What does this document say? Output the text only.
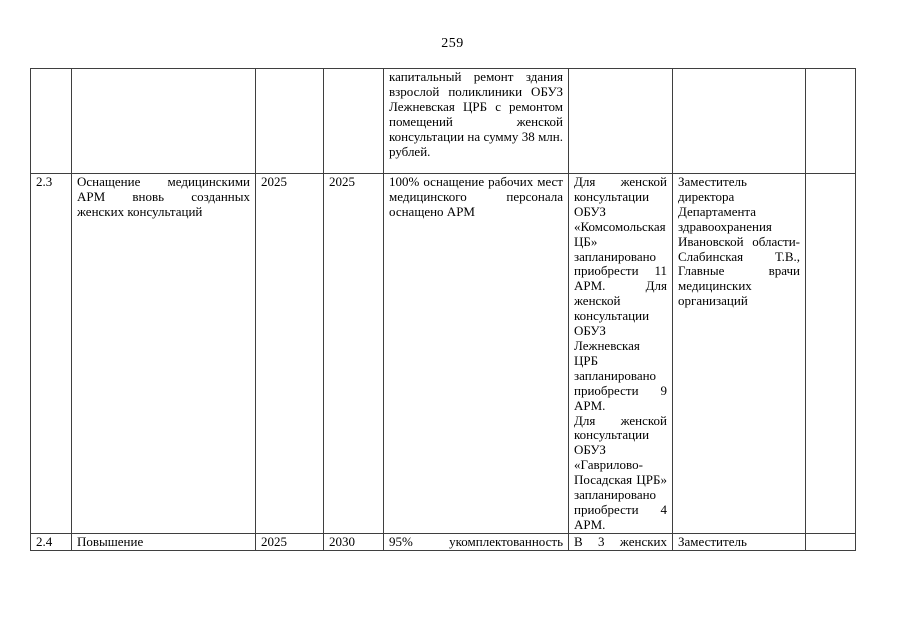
259
				капитальный ремонт здания взрослой поликлиники ОБУЗ Лежневская ЦРБ с ремонтом помещений женской консультации на сумму 38 млн. рублей.			
2.3	Оснащение медицинскими АРМ вновь созданных женских консультаций	2025	2025	100% оснащение рабочих мест медицинского персонала оснащено АРМ	Для женской консультации ОБУЗ «Комсомольская ЦБ» запланировано приобрести 11 АРМ. Для женской консультации ОБУЗ Лежневская ЦРБ запланировано приобрести 9 АРМ.
Для женской консультации ОБУЗ «Гаврилово-Посадская ЦРБ» запланировано приобрести 4 АРМ.	Заместитель директора Департамента здравоохранения Ивановской области- Слабинская Т.В., Главные врачи медицинских организаций	
2.4	Повышение	2025	2030	95% укомплектованность	В 3 женских	Заместитель	
